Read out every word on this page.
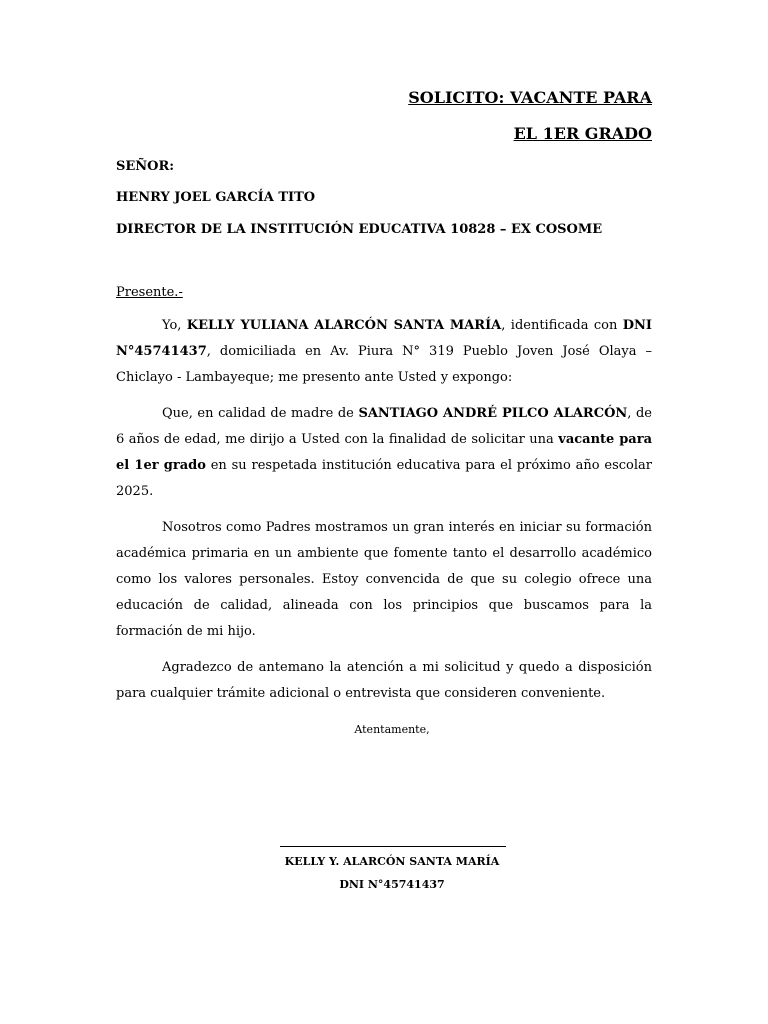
SOLICITO: VACANTE PARA
EL 1ER GRADO
SEÑOR:
HENRY JOEL GARCÍA TITO
DIRECTOR DE LA INSTITUCIÓN EDUCATIVA 10828 – EX COSOME
Presente.-

Yo, KELLY YULIANA ALARCÓN SANTA MARÍA, identificada con DNI N°45741437, domiciliada en Av. Piura N° 319 Pueblo Joven José Olaya – Chiclayo - Lambayeque; me presento ante Usted y expongo:

Que, en calidad de madre de SANTIAGO ANDRÉ PILCO ALARCÓN, de 6 años de edad, me dirijo a Usted con la finalidad de solicitar una vacante para el 1er grado en su respetada institución educativa para el próximo año escolar 2025.

Nosotros como Padres mostramos un gran interés en iniciar su formación académica primaria en un ambiente que fomente tanto el desarrollo académico como los valores personales. Estoy convencida de que su colegio ofrece una educación de calidad, alineada con los principios que buscamos para la formación de mi hijo.

Agradezco de antemano la atención a mi solicitud y quedo a disposición para cualquier trámite adicional o entrevista que consideren conveniente.

Atentamente,
KELLY Y. ALARCÓN SANTA MARÍA
DNI N°45741437
